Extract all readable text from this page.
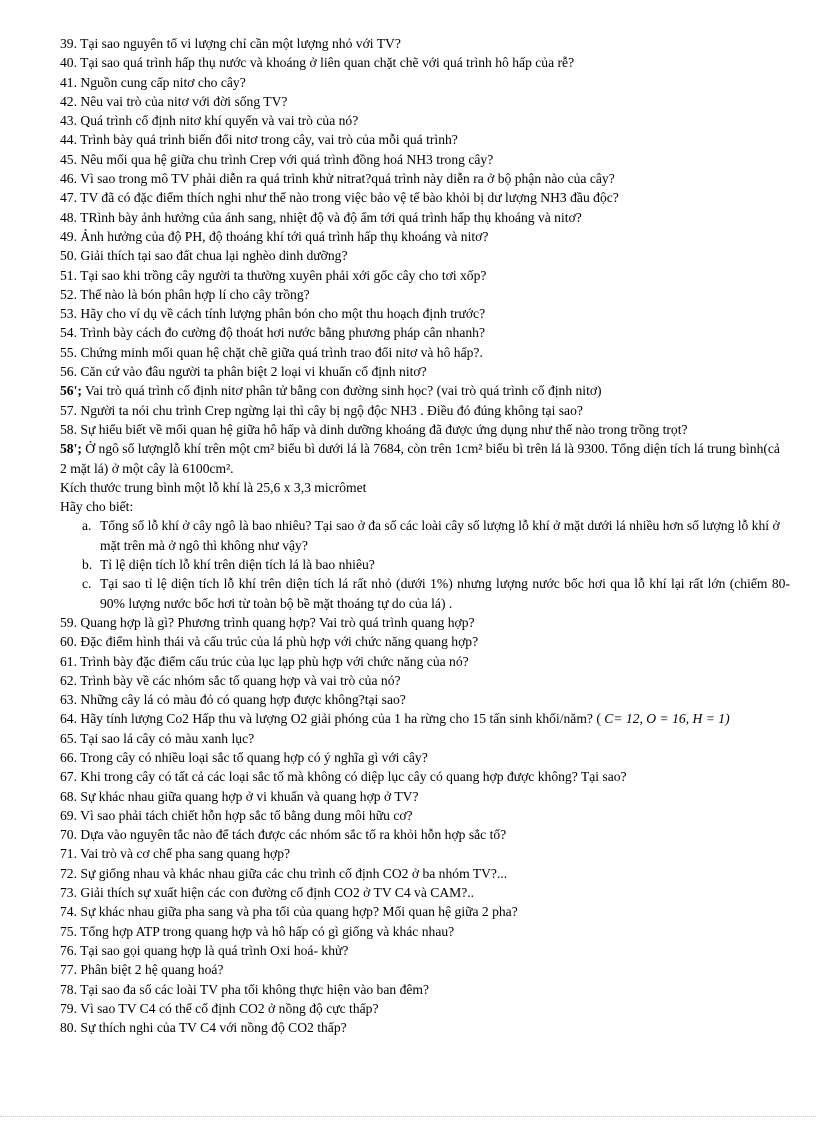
39. Tại sao nguyên tố vi lượng chỉ cần một lượng nhỏ với TV?
40. Tại sao quá trình hấp thụ nước và khoáng ở liên quan chặt chẽ với quá trình hô hấp của rễ?
41. Nguồn cung cấp nitơ cho cây?
42. Nêu vai trò của nitơ với đời sống TV?
43. Quá trình cố định nitơ khí quyển và vai trò của nó?
44. Trình bày quá trình biến đổi nitơ trong cây, vai trò của mỗi quá trình?
45. Nêu mối qua hệ giữa chu trình Crep với quá trình đồng hoá NH3 trong cây?
46. Vì sao trong mô TV phải diễn ra quá trình khử nitrat?quá trình này diễn ra ở bộ phận nào của cây?
47. TV đã có đặc điểm thích nghi như thế nào trong việc bảo vệ tế bào khỏi bị dư lượng NH3 đầu độc?
48. TRình bày ảnh hưởng của ánh sang, nhiệt độ và độ ẩm tới quá trình hấp thụ khoáng và nitơ?
49. Ảnh hưởng của độ PH, độ thoáng khí tới quá trình hấp thụ khoáng và nitơ?
50. Giải thích tại sao đất chua lại nghèo dinh dưỡng?
51. Tại sao khi trồng cây người ta thường xuyên phải xới gốc cây cho tơi xốp?
52. Thế nào là bón phân hợp lí cho cây trồng?
53. Hãy cho ví dụ về cách tính lượng phân bón cho một thu hoạch định trước?
54. Trình bày cách đo cường độ thoát hơi nước bằng phương pháp cân nhanh?
55. Chứng minh mối quan hệ chặt chẽ giữa quá trình trao đổi nitơ và hô hấp?.
56. Căn cứ vào đâu người ta phân biệt 2 loại vi khuẩn cố định nitơ?
56'; Vai trò quá trình cố định nitơ phân tử bằng con đường sinh học? (vai trò quá trình cố định nitơ)
57. Người ta nói chu trình Crep ngừng lại thì cây bị ngộ độc NH3 . Điều đó đúng không tại sao?
58. Sự hiểu biết về mối quan hệ giữa hô hấp và dinh dưỡng khoáng đã được ứng dụng như thế nào trong trồng trọt?
58'; Ở ngô số lượnglỗ khí trên một cm² biểu bì dưới lá là 7684, còn trên 1cm² biểu bì trên lá là 9300. Tổng diện tích lá trung bình(cả 2 mặt lá) ở một cây là 6100cm².
Kích thước trung bình một lỗ khí là 25,6 x 3,3 micrômet
Hãy cho biết:
a. Tổng số lỗ khí ở cây ngô là bao nhiêu? Tại sao ở đa số các loài cây số lượng lỗ khí ở mặt dưới lá nhiều hơn số lượng lỗ khí ở mặt trên mà ở ngô thì không như vậy?
b. Tỉ lệ diện tích lỗ khí trên diện tích lá là bao nhiêu?
c. Tại sao tỉ lệ diện tích lỗ khí trên diện tích lá rất nhỏ (dưới 1%) nhưng lượng nước bốc hơi qua lỗ khí lại rất lớn (chiếm 80- 90% lượng nước bốc hơi từ toàn bộ bề mặt thoáng tự do của lá) .
59. Quang hợp là gì? Phương trình quang hợp? Vai trò quá trình quang hợp?
60. Đặc điểm hình thái và cấu trúc của lá phù hợp với chức năng quang hợp?
61. Trình bày đặc điểm cấu trúc của lục lạp phù hợp với chức năng của nó?
62. Trình bày về các nhóm sắc tố quang hợp và vai trò của nó?
63. Những cây lá có màu đỏ có quang hợp được không?tại sao?
64. Hãy tính lượng Co2 Hấp thu và lượng O2 giải phóng của 1 ha rừng cho 15 tấn sinh khối/năm? ( C= 12, O = 16, H = 1)
65. Tại sao lá cây có màu xanh lục?
66. Trong cây có nhiều loại sắc tố quang hợp có ý nghĩa gì với cây?
67. Khi trong cây có tất cả các loại sắc tố mà không có diệp lục cây có quang hợp được không? Tại sao?
68. Sự khác nhau giữa quang hợp ở vi khuẩn và quang hợp ở TV?
69. Vì sao phải tách chiết hỗn hợp sắc tố bằng dung môi hữu cơ?
70. Dựa vào nguyên tắc nào để tách được các nhóm sắc tố ra khỏi hỗn hợp sắc tố?
71. Vai trò và cơ chế pha sang quang hợp?
72. Sự giống nhau và khác nhau giữa các chu trình cố định CO2 ở ba nhóm TV?...
73. Giải thích sự xuất hiện các con đường cố định CO2 ở TV C4 và CAM?..
74. Sự khác nhau giữa pha sang và pha tối của quang hợp? Mối quan hệ giữa 2 pha?
75. Tổng hợp ATP trong quang hợp và hô hấp có gì giống và khác nhau?
76. Tại sao gọi quang hợp là quá trình Oxi hoá- khử?
77. Phân biệt 2 hệ quang hoá?
78. Tại sao đa số các loài TV pha tối không thực hiện vào ban đêm?
79. Vì sao TV C4 có thể cố định CO2 ở nồng độ cực thấp?
80. Sự thích nghi của TV C4 với nồng độ CO2 thấp?
